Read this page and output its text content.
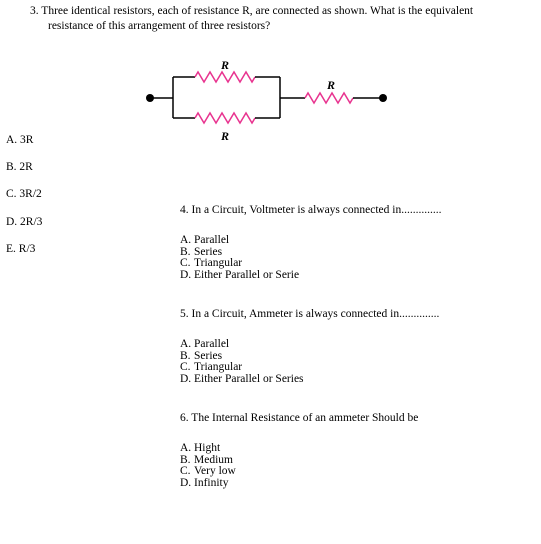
3. Three identical resistors, each of resistance R, are connected as shown. What is the equivalent
resistance of this arrangement of three resistors?
R
R
R
A. 3R
B. 2R
C. 3R/2
D. 2R/3
E. R/3
4. In a Circuit, Voltmeter is always connected in..............
A. Parallel
B. Series
C. Triangular
D. Either Parallel or Serie
5. In a Circuit, Ammeter is always connected in..............
A. Parallel
B. Series
C. Triangular
D. Either Parallel or Series
6. The Internal Resistance of an ammeter Should be
A. Hight
B. Medium
C. Very low
D. Infinity
